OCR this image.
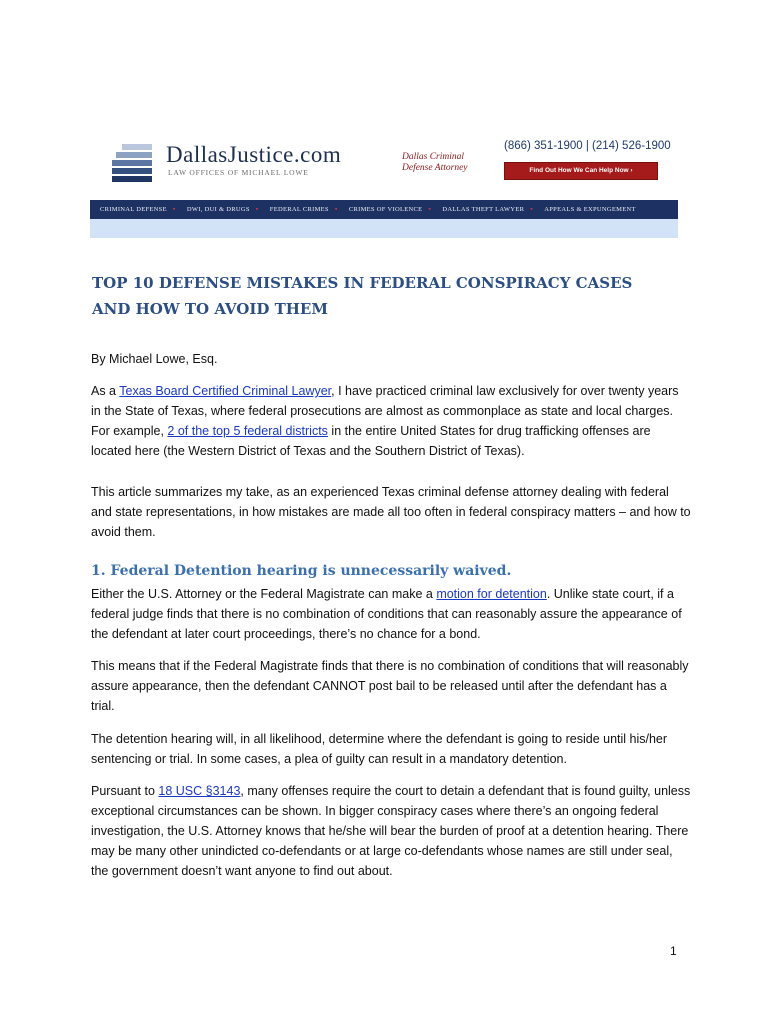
DallasJustice.com
LAW OFFICES OF MICHAEL LOWE
Dallas Criminal Defense Attorney
(866) 351-1900 | (214) 526-1900
Find Out How We Can Help Now ›
CRIMINAL DEFENSE ▪	DWI, DUI & DRUGS ▪	FEDERAL CRIMES ▪	CRIMES OF VIOLENCE ▪	DALLAS THEFT LAWYER ▪	APPEALS & EXPUNGEMENT
TOP 10 DEFENSE MISTAKES IN FEDERAL CONSPIRACY CASES AND HOW TO AVOID THEM

By Michael Lowe, Esq.

As a Texas Board Certified Criminal Lawyer, I have practiced criminal law exclusively for over twenty years in the State of Texas, where federal prosecutions are almost as commonplace as state and local charges. For example, 2 of the top 5 federal districts in the entire United States for drug trafficking offenses are located here (the Western District of Texas and the Southern District of Texas).

This article summarizes my take, as an experienced Texas criminal defense attorney dealing with federal and state representations, in how mistakes are made all too often in federal conspiracy matters – and how to avoid them.

1. Federal Detention hearing is unnecessarily waived.

Either the U.S. Attorney or the Federal Magistrate can make a motion for detention. Unlike state court, if a federal judge finds that there is no combination of conditions that can reasonably assure the appearance of the defendant at later court proceedings, there’s no chance for a bond.

This means that if the Federal Magistrate finds that there is no combination of conditions that will reasonably assure appearance, then the defendant CANNOT post bail to be released until after the defendant has a trial.

The detention hearing will, in all likelihood, determine where the defendant is going to reside until his/her sentencing or trial. In some cases, a plea of guilty can result in a mandatory detention.

Pursuant to 18 USC §3143, many offenses require the court to detain a defendant that is found guilty, unless exceptional circumstances can be shown. In bigger conspiracy cases where there’s an ongoing federal investigation, the U.S. Attorney knows that he/she will bear the burden of proof at a detention hearing. There may be many other unindicted co-defendants or at large co-defendants whose names are still under seal, the government doesn’t want anyone to find out about.

1
